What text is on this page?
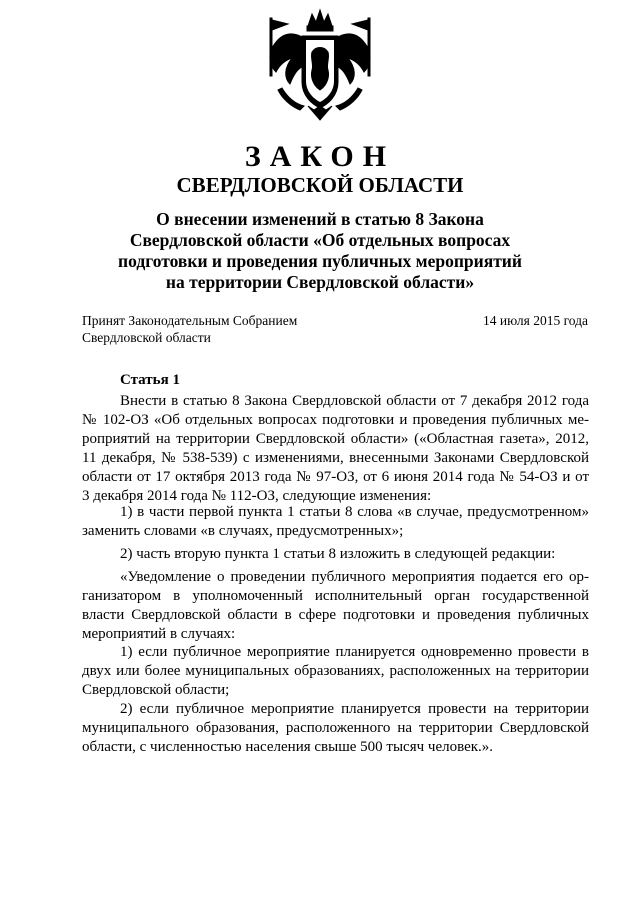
ЗАКОН
СВЕРДЛОВСКОЙ ОБЛАСТИ
О внесении изменений в статью 8 Закона
Свердловской области «Об отдельных вопросах
подготовки и проведения публичных мероприятий
на территории Свердловской области»
Принят Законодательным Собранием
Свердловской области
14 июля 2015 года
Статья 1
Внести в статью 8 Закона Свердловской области от 7 декабря 2012 года
№ 102-ОЗ «Об отдельных вопросах подготовки и проведения публичных ме-
роприятий на территории Свердловской области» («Областная газета», 2012,
11 декабря, № 538-539) с изменениями, внесенными Законами Свердловской
области от 17 октября 2013 года № 97-ОЗ, от 6 июня 2014 года № 54-ОЗ и от
3 декабря 2014 года № 112-ОЗ, следующие изменения:
1) в части первой пункта 1 статьи 8 слова «в случае, предусмотренном»
заменить словами «в случаях, предусмотренных»;
2) часть вторую пункта 1 статьи 8 изложить в следующей редакции:
«Уведомление о проведении публичного мероприятия подается его ор-
ганизатором в уполномоченный исполнительный орган государственной
власти Свердловской области в сфере подготовки и проведения публичных
мероприятий в случаях:
1) если публичное мероприятие планируется одновременно провести в
двух или более муниципальных образованиях, расположенных на территории
Свердловской области;
2) если публичное мероприятие планируется провести на территории
муниципального образования, расположенного на территории Свердловской
области, с численностью населения свыше 500 тысяч человек.».
